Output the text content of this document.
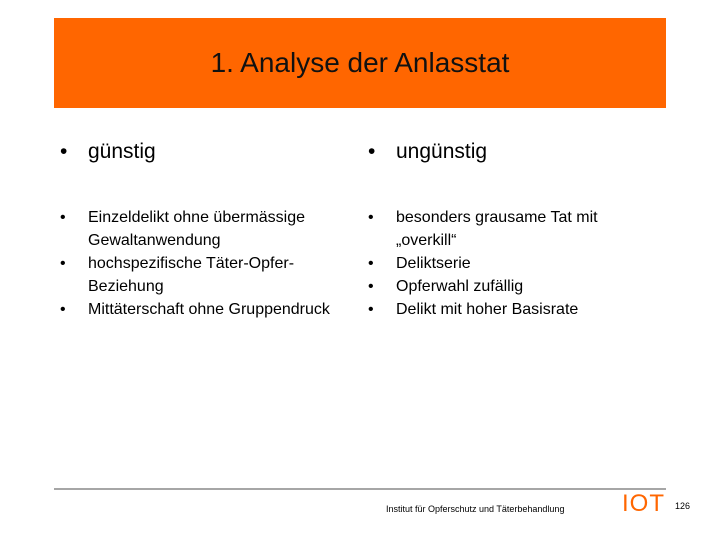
1. Analyse der Anlasstat
• günstig
•	Einzeldelikt ohne übermässige Gewaltanwendung
•	hochspezifische Täter-Opfer-Beziehung
•	Mittäterschaft ohne Gruppendruck
• ungünstig
•	besonders grausame Tat mit „overkill“
•	Deliktserie
•	Opferwahl zufällig
•	Delikt mit hoher Basisrate
Institut für Opferschutz und Täterbehandlung IOT 126
